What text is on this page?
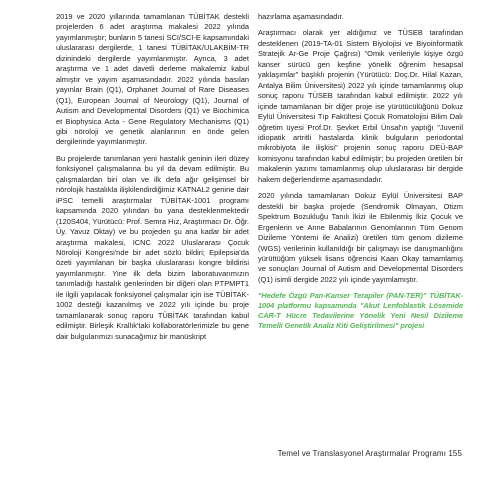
2019 ve 2020 yıllarında tamamlanan TÜBİTAK destekli projelerden 6 adet araştırma makalesi 2022 yılında yayımlanmıştır; bunların 5 tanesi SCI/SCI-E kapsamındaki uluslararası dergilerde, 1 tanesi TÜBİTAK/ULAKBİM-TR dizinindeki dergilerde yayımlanmıştır. Ayrıca, 3 adet araştırma ve 1 adet davetli derleme makalemiz kabul almıştır ve yayım aşamasındadır. 2022 yılında basılan yayınlar Brain (Q1), Orphanet Journal of Rare Diseases (Q1), European Journal of Neurology (Q1), Journal of Autism and Developmental Disorders (Q1) ve Biochimica et Biophysica Acta - Gene Regulatory Mechanisms (Q1) gibi nöroloji ve genetik alanlarının en önde gelen dergilerinde yayımlanmıştır.

Bu projelerde tanımlanan yeni hastalık geninin ileri düzey fonksiyonel çalışmalarına bu yıl da devam edilmiştir. Bu çalışmalardan biri olan ve ilk defa ağır gelişimsel bir nörolojik hastalıkla ilişkilendirdiğimiz KATNAL2 genine dair iPSC temelli araştırmalar TÜBİTAK-1001 programı kapsamında 2020 yılından bu yana desteklenmektedir (120S404, Yürütücü: Prof. Semra Hız, Araştırmacı Dr. Öğr. Üy. Yavuz Oktay) ve bu projeden şu ana kadar bir adet araştırma makalesi, ICNC 2022 Uluslararası Çocuk Nöroloji Kongresi'nde bir adet sözlü bildiri; Epilepsia'da özeti yayımlanan bir başka uluslararası kongre bildirisi yayımlanmıştır. Yine ilk defa bizim laboratuvarımızın tanımladığı hastalık genlerinden bir diğeri olan PTPMPT1 ile ilgili yapılacak fonksiyonel çalışmalar için ise TÜBİTAK-1002 desteği kazanılmış ve 2022 yılı içinde bu proje tamamlanarak sonuç raporu TÜBİTAK tarafından kabul edilmiştir. Birleşik Krallık'taki kollaboratörlerimizle bu gene dair bulgularımızı sunacağımız bir manüskript

hazırlama aşamasındadır.

Araştırmacı olarak yer aldığımız ve TÜSEB tarafından desteklenen (2019-TA-01 Sistem Biyolojisi ve Biyoinformatik Stratejik Ar-Ge Proje Çağrısı) "Omik verileriyle kişiye özgü kanser sürücü gen keşfine yönelik öğrenim hesapsal yaklaşımlar" başlıklı projenin (Yürütücü: Doç.Dr. Hilal Kazan, Antalya Bilim Üniversitesi) 2022 yılı içinde tamamlanmış olup sonuç raporu TÜSEB tarafından kabul edilmiştir. 2022 yılı içinde tamamlanan bir diğer proje ise yürütücülüğünü Dokuz Eylül Üniversitesi Tıp Fakültesi Çocuk Romatolojisi Bilim Dalı öğretim üyesi Prof.Dr. Şevket Erbil Ünsal'ın yaptığı "Juvenil idiopatik artritli hastalarda klinik bulguların periodontal mikrobiyota ile ilişkisi" projenin sonuç raporu DEÜ-BAP komisyonu tarafından kabul edilmiştir; bu projeden üretilen bir makalenin yazımı tamamlanmış olup uluslararası bir dergide hakem değerlendirme aşamasındadır.

2020 yılında tamamlanan Dokuz Eylül Üniversitesi BAP destekli bir başka projede (Sendromik Olmayan, Otizm Spektrum Bozukluğu Tanılı İkizi ile Ebilenmiş İkiz Çocuk ve Ergenlerin ve Anne Babalarının Genomlarının Tüm Genom Dizileme Yöntemi ile Analizi) üretilen tüm genom dizileme (WGS) verilerinin kullanıldığı bir çalışmayı ise danışmanlığını yürüttüğüm yüksek lisans öğrencisi Kaan Okay tamamlamış ve sonuçları Journal of Autism and Developmental Disorders (Q1) isimli dergide 2022 yılı içinde yayımlamıştır.

"Hedefe Özgü Pan-Kanser Terapiler (PAN-TER)" TÜBİTAK-1004 platformu kapsamında "Akut Lenfoblastik Lösemide CAR-T Hücre Tedavilerine Yönelik Yeni Nesil Dizileme Temelli Genetik Analiz Kiti Geliştirilmesi" projesi

Temel ve Translasyonel Araştırmalar Programı 155
